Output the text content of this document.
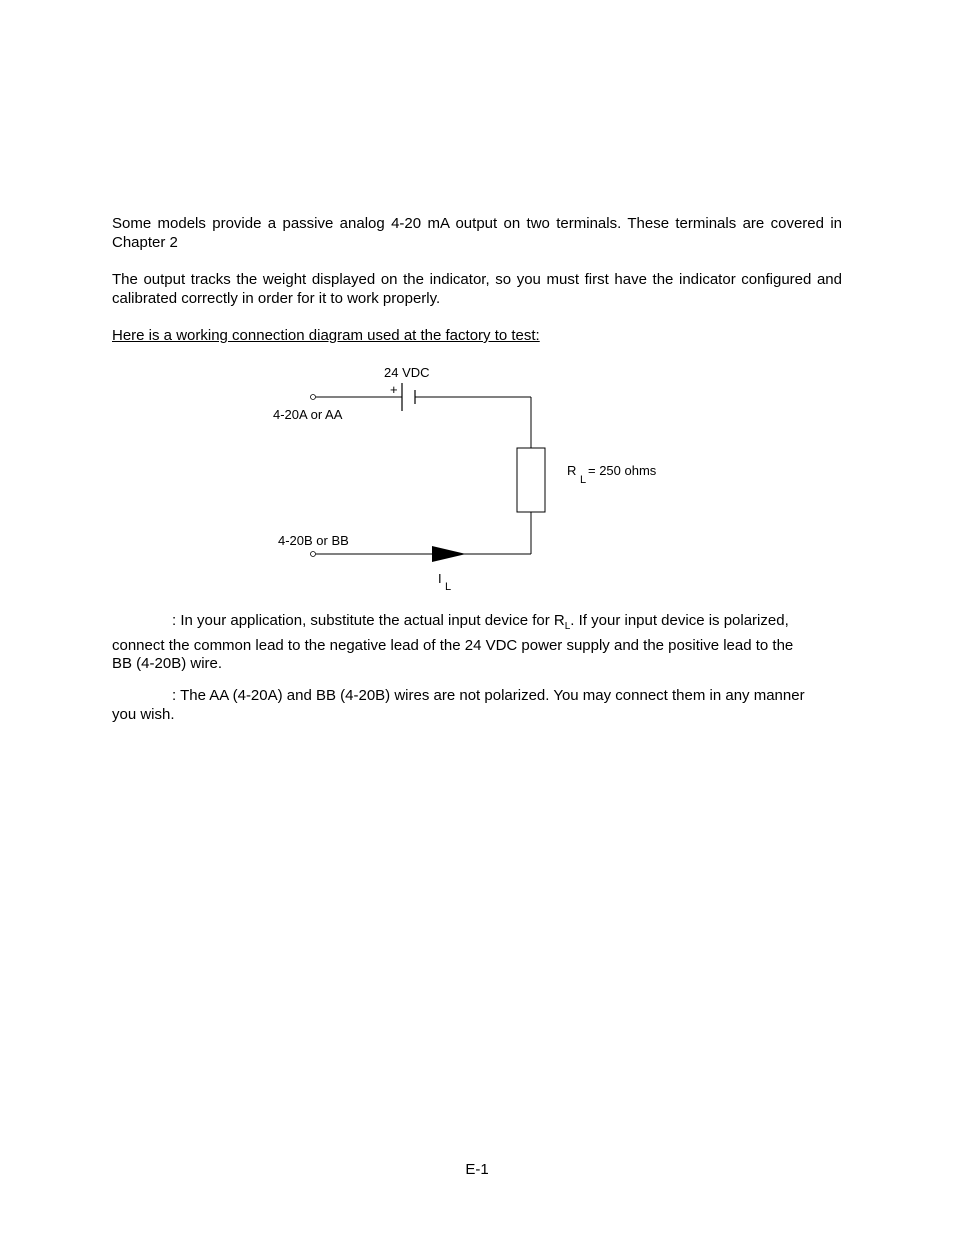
Some models provide a passive analog 4-20 mA output on two terminals. These terminals are covered in Chapter 2

The output tracks the weight displayed on the indicator, so you must first have the indicator configured and calibrated correctly in order for it to work properly.

Here is a working connection diagram used at the factory to test:

24 VDC
+
4-20A or AA
4-20B or BB
R
L
= 250 ohms
I
L

: In your application, substitute the actual input device for $R_L$. If your input device is polarized, connect the common lead to the negative lead of the 24 VDC power supply and the positive lead to the BB (4-20B) wire.

: The AA (4-20A) and BB (4-20B) wires are not polarized. You may connect them in any manner you wish.

E-1
